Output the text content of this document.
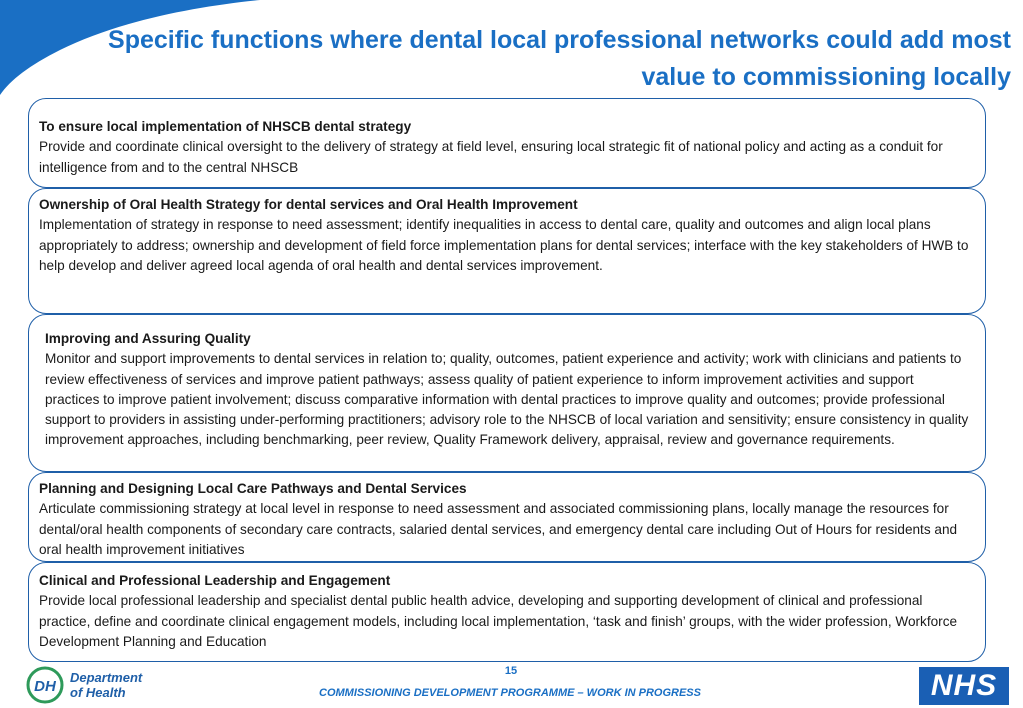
Specific functions where dental local professional networks could add most value to commissioning locally
To ensure local implementation of NHSCB dental strategy
Provide and coordinate clinical oversight to the delivery of strategy at field level, ensuring local strategic fit of national policy and acting as a conduit for intelligence from and to the central NHSCB
Ownership of Oral Health Strategy for dental services and Oral Health Improvement
Implementation of strategy in response to need assessment; identify inequalities in access to dental care, quality and outcomes and align local plans appropriately to address; ownership and development of field force implementation plans for dental services; interface with the key stakeholders of HWB to help develop and deliver agreed local agenda of oral health and dental services improvement.
Improving and Assuring Quality
Monitor and support improvements to dental services in relation to; quality, outcomes, patient experience and activity; work with clinicians and patients to review effectiveness of services and improve patient pathways; assess quality of patient experience to inform improvement activities and support practices to improve patient involvement; discuss comparative information with dental practices to improve quality and outcomes; provide professional support to providers in assisting under-performing practitioners; advisory role to the NHSCB of local variation and sensitivity; ensure consistency in quality improvement approaches, including benchmarking, peer review, Quality Framework delivery, appraisal, review and governance requirements.
Planning and Designing Local Care Pathways and Dental Services
Articulate commissioning strategy at local level in response to need assessment and associated commissioning plans, locally manage the resources for dental/oral health components of secondary care contracts, salaried dental services, and emergency dental care including Out of Hours for residents and oral health improvement initiatives
Clinical and Professional Leadership and Engagement
Provide local professional leadership and specialist dental public health advice, developing and supporting development of clinical and professional practice, define and coordinate clinical engagement models, including local implementation, ‘task and finish’ groups, with the wider profession, Workforce Development Planning and Education
DH
Department
of Health
15
COMMISSIONING DEVELOPMENT PROGRAMME – WORK IN PROGRESS	NHS
